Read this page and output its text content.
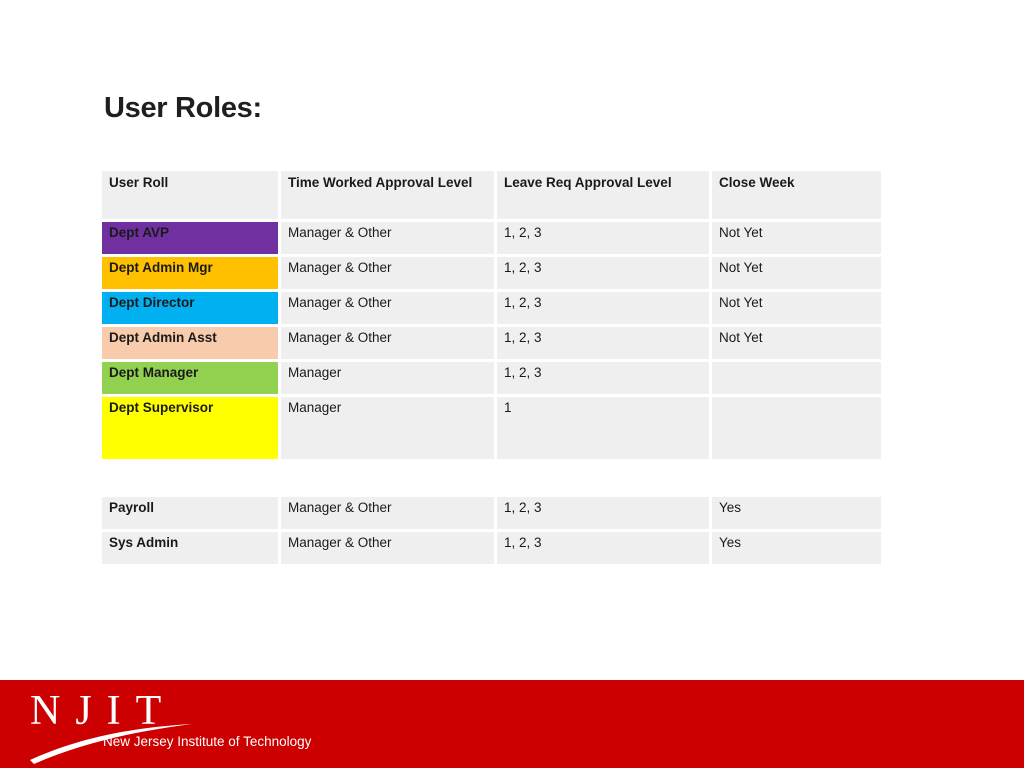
User Roles:
User Roll	Time Worked Approval Level	Leave Req Approval Level	Close Week
Dept AVP	Manager & Other	1, 2, 3	Not Yet
Dept Admin Mgr	Manager & Other	1, 2, 3	Not Yet
Dept Director	Manager & Other	1, 2, 3	Not Yet
Dept Admin Asst	Manager & Other	1, 2, 3	Not Yet
Dept Manager	Manager	1, 2, 3	
Dept Supervisor	Manager	1	
Payroll	Manager & Other	1, 2, 3	Yes
Sys Admin	Manager & Other	1, 2, 3	Yes
NJIT
New Jersey Institute of Technology
